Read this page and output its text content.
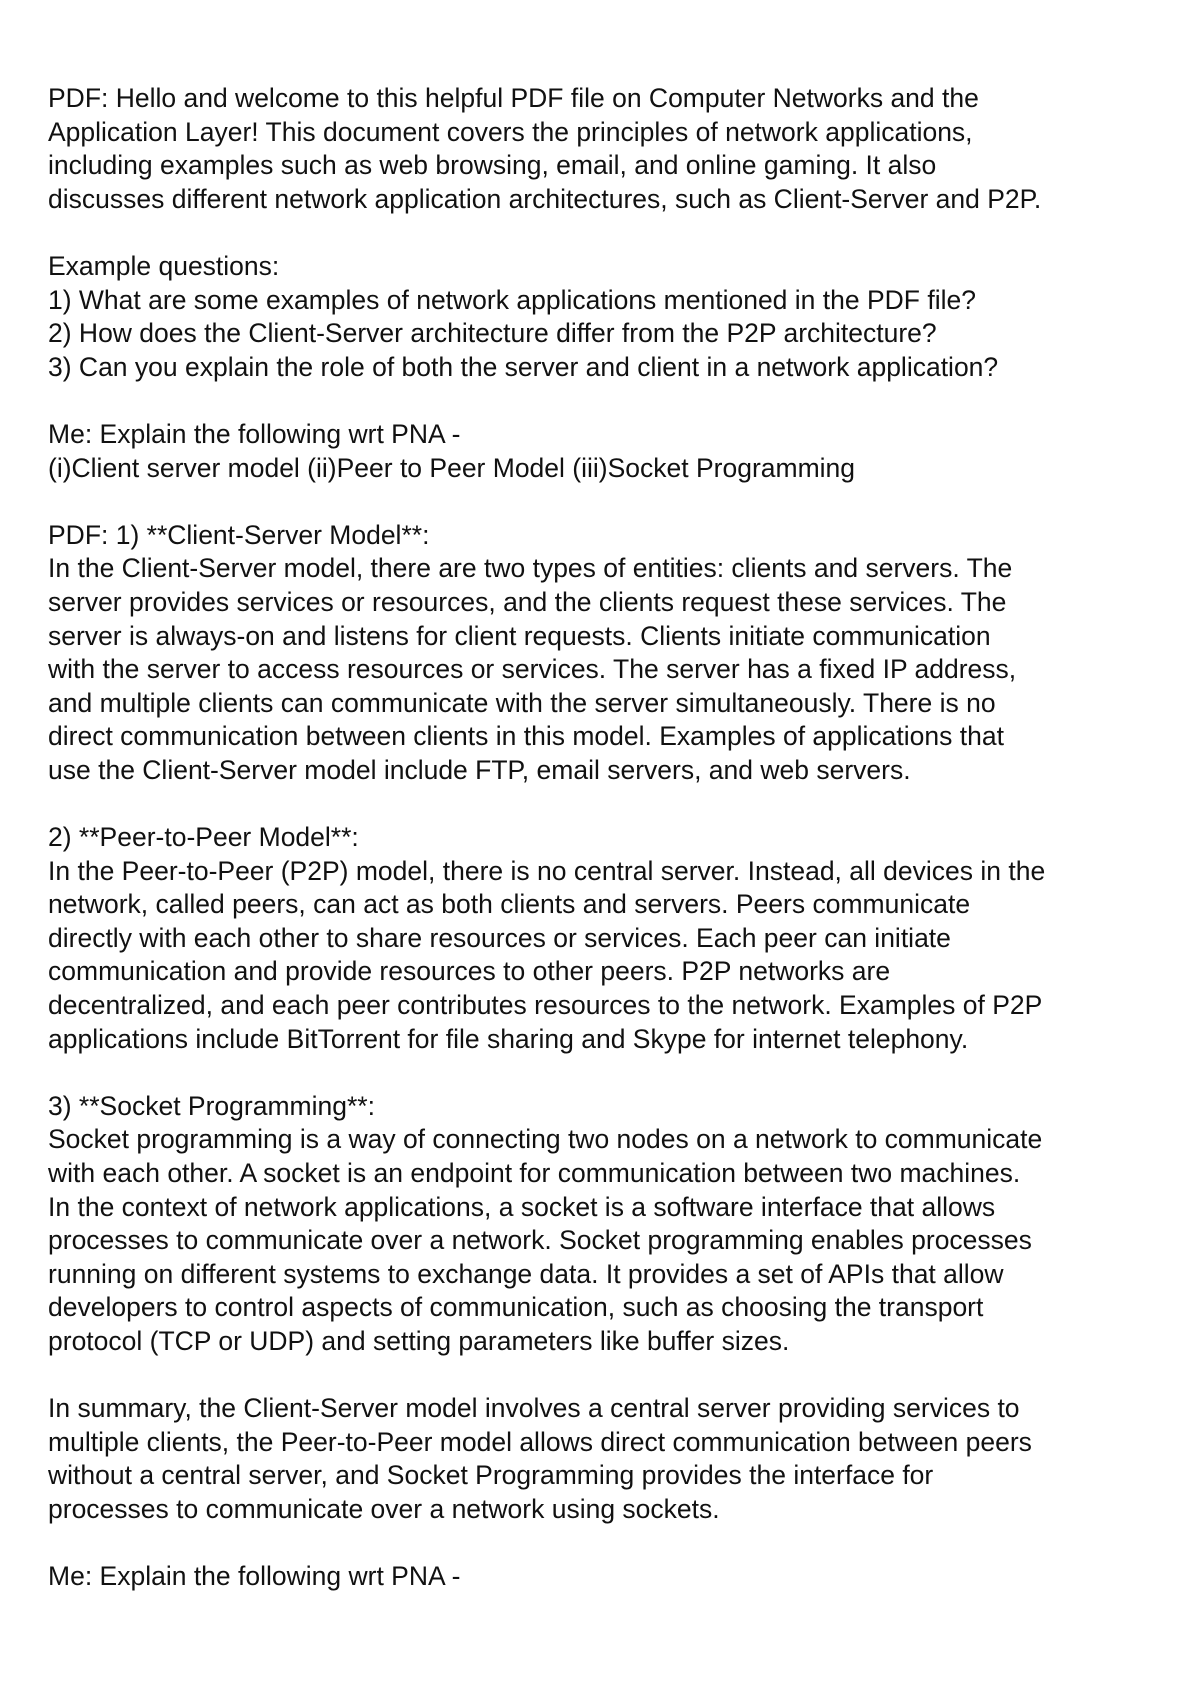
PDF: Hello and welcome to this helpful PDF file on Computer Networks and the
Application Layer! This document covers the principles of network applications,
including examples such as web browsing, email, and online gaming. It also
discusses different network application architectures, such as Client-Server and P2P.
Example questions:
1) What are some examples of network applications mentioned in the PDF file?
2) How does the Client-Server architecture differ from the P2P architecture?
3) Can you explain the role of both the server and client in a network application?
Me: Explain the following wrt PNA -
(i)Client server model (ii)Peer to Peer Model (iii)Socket Programming
PDF: 1) **Client-Server Model**:
In the Client-Server model, there are two types of entities: clients and servers. The
server provides services or resources, and the clients request these services. The
server is always-on and listens for client requests. Clients initiate communication
with the server to access resources or services. The server has a fixed IP address,
and multiple clients can communicate with the server simultaneously. There is no
direct communication between clients in this model. Examples of applications that
use the Client-Server model include FTP, email servers, and web servers.
2) **Peer-to-Peer Model**:
In the Peer-to-Peer (P2P) model, there is no central server. Instead, all devices in the
network, called peers, can act as both clients and servers. Peers communicate
directly with each other to share resources or services. Each peer can initiate
communication and provide resources to other peers. P2P networks are
decentralized, and each peer contributes resources to the network. Examples of P2P
applications include BitTorrent for file sharing and Skype for internet telephony.
3) **Socket Programming**:
Socket programming is a way of connecting two nodes on a network to communicate
with each other. A socket is an endpoint for communication between two machines.
In the context of network applications, a socket is a software interface that allows
processes to communicate over a network. Socket programming enables processes
running on different systems to exchange data. It provides a set of APIs that allow
developers to control aspects of communication, such as choosing the transport
protocol (TCP or UDP) and setting parameters like buffer sizes.
In summary, the Client-Server model involves a central server providing services to
multiple clients, the Peer-to-Peer model allows direct communication between peers
without a central server, and Socket Programming provides the interface for
processes to communicate over a network using sockets.
Me: Explain the following wrt PNA -
